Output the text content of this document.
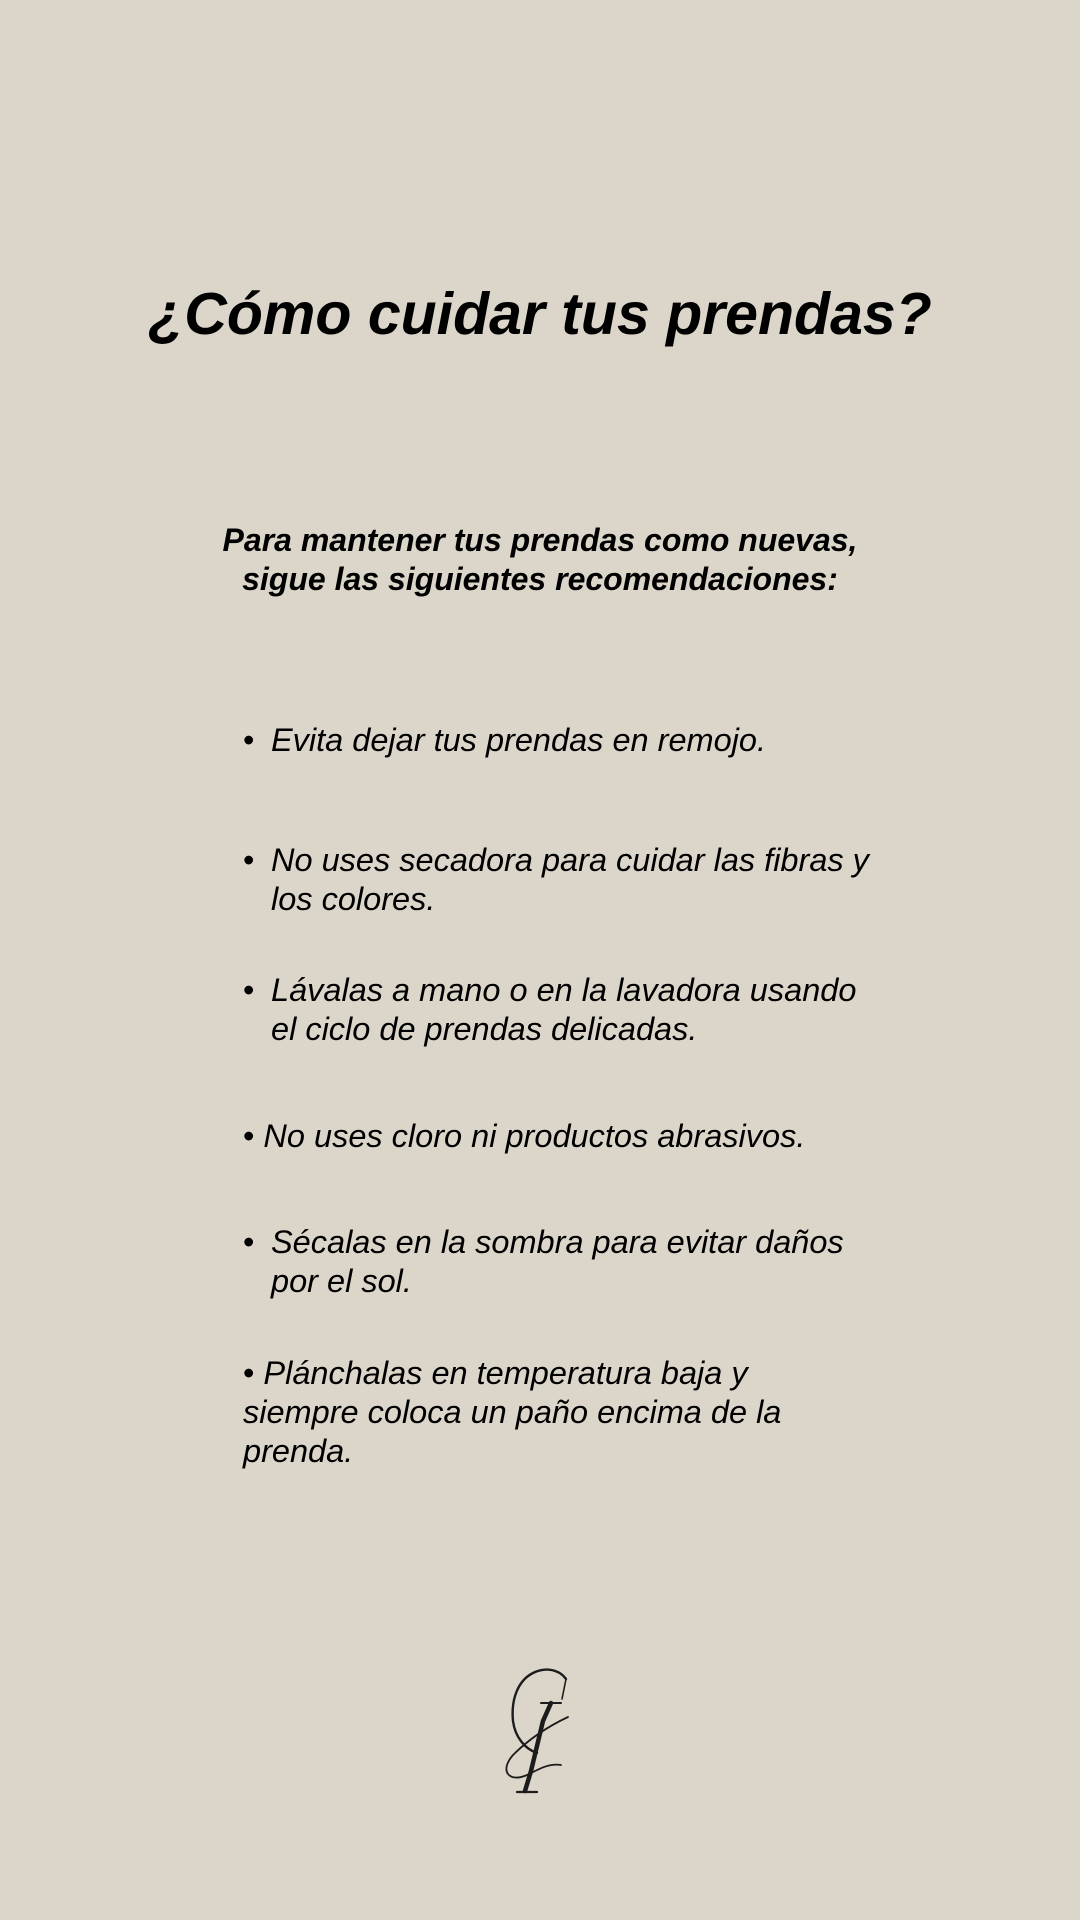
¿Cómo cuidar tus prendas?

Para mantener tus prendas como nuevas,
sigue las siguientes recomendaciones:

• Evita dejar tus prendas en remojo.

• No uses secadora para cuidar las fibras y los colores.

• Lávalas a mano o en la lavadora usando el ciclo de prendas delicadas.

• No uses cloro ni productos abrasivos.

• Sécalas en la sombra para evitar daños por el sol.

• Plánchalas en temperatura baja y siempre coloca un paño encima de la prenda.
